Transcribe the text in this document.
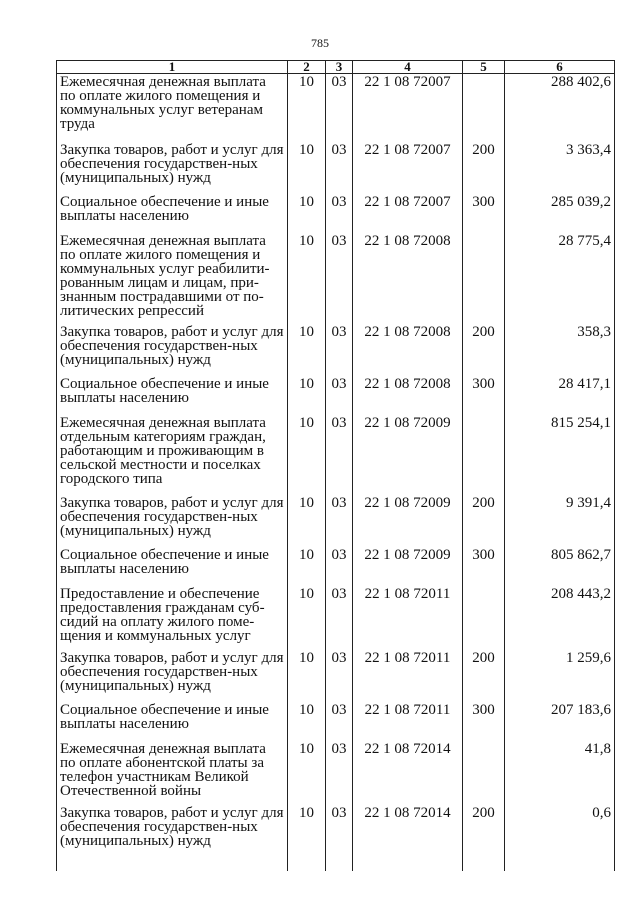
785
1	2	3	4	5	6
Ежемесячная денежная выплата по оплате жилого помещения и коммунальных услуг ветеранам труда	10	03	22 1 08 72007		288 402,6
Закупка товаров, работ и услуг для обеспечения государствен-ных (муниципальных) нужд	10	03	22 1 08 72007	200	3 363,4
Социальное обеспечение и иные выплаты населению	10	03	22 1 08 72007	300	285 039,2
Ежемесячная денежная выплата по оплате жилого помещения и коммунальных услуг реабилити-рованным лицам и лицам, при-знанным пострадавшими от по-литических репрессий	10	03	22 1 08 72008		28 775,4
Закупка товаров, работ и услуг для обеспечения государствен-ных (муниципальных) нужд	10	03	22 1 08 72008	200	358,3
Социальное обеспечение и иные выплаты населению	10	03	22 1 08 72008	300	28 417,1
Ежемесячная денежная выплата отдельным категориям граждан, работающим и проживающим в сельской местности и поселках городского типа	10	03	22 1 08 72009		815 254,1
Закупка товаров, работ и услуг для обеспечения государствен-ных (муниципальных) нужд	10	03	22 1 08 72009	200	9 391,4
Социальное обеспечение и иные выплаты населению	10	03	22 1 08 72009	300	805 862,7
Предоставление и обеспечение предоставления гражданам суб-сидий на оплату жилого поме-щения и коммунальных услуг	10	03	22 1 08 72011		208 443,2
Закупка товаров, работ и услуг для обеспечения государствен-ных (муниципальных) нужд	10	03	22 1 08 72011	200	1 259,6
Социальное обеспечение и иные выплаты населению	10	03	22 1 08 72011	300	207 183,6
Ежемесячная денежная выплата по оплате абонентской платы за телефон участникам Великой Отечественной войны	10	03	22 1 08 72014		41,8
Закупка товаров, работ и услуг для обеспечения государствен-ных (муниципальных) нужд	10	03	22 1 08 72014	200	0,6
